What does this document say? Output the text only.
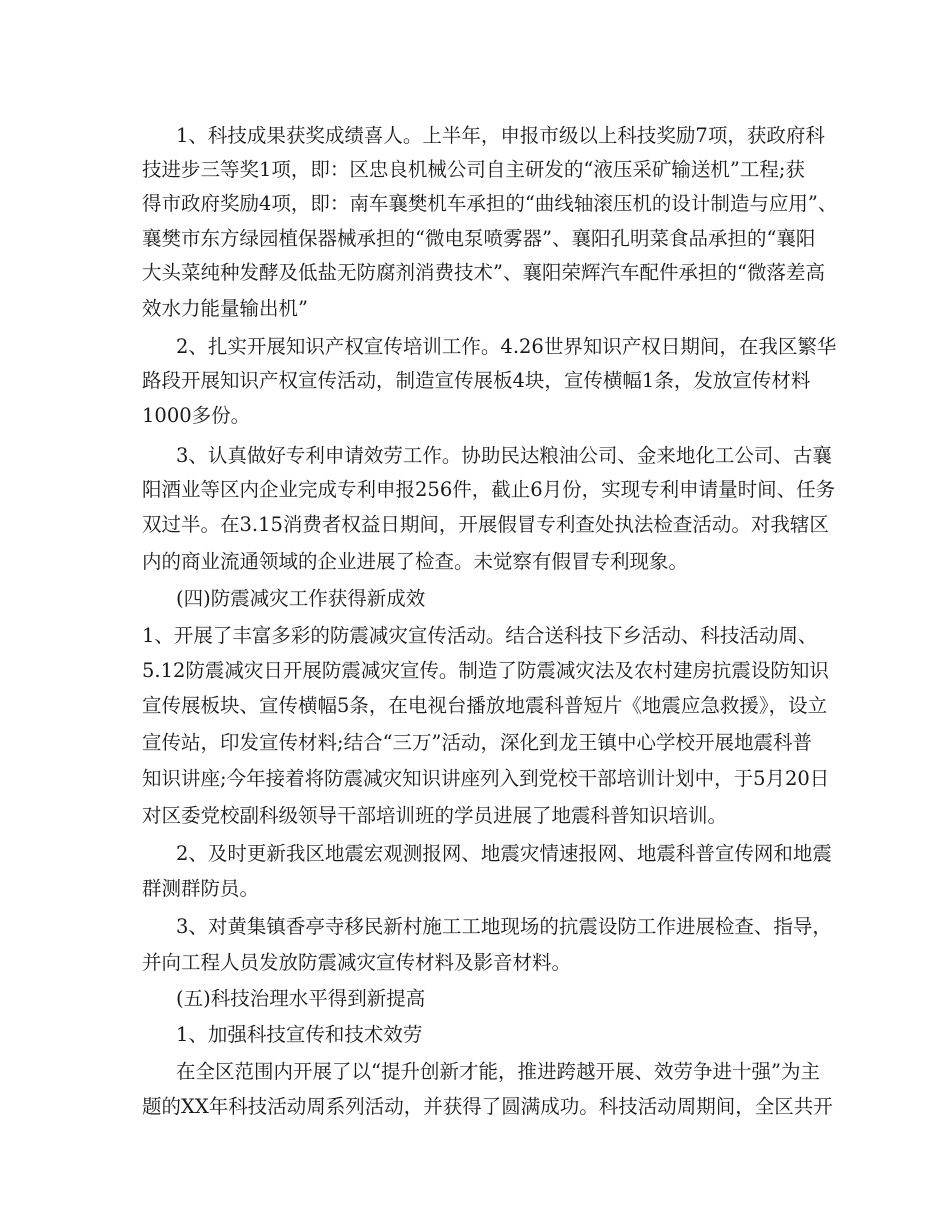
1、科技成果获奖成绩喜人。上半年，申报市级以上科技奖励7项，获政府科
技进步三等奖1项，即：区忠良机械公司自主研发的“液压采矿输送机”工程;获
得市政府奖励4项，即：南车襄樊机车承担的“曲线轴滚压机的设计制造与应用”、
襄樊市东方绿园植保器械承担的“微电泵喷雾器”、襄阳孔明菜食品承担的“襄阳
大头菜纯种发酵及低盐无防腐剂消费技术”、襄阳荣辉汽车配件承担的“微落差高
效水力能量输出机”
2、扎实开展知识产权宣传培训工作。4.26世界知识产权日期间，在我区繁华
路段开展知识产权宣传活动，制造宣传展板4块，宣传横幅1条，发放宣传材料
1000多份。
3、认真做好专利申请效劳工作。协助民达粮油公司、金来地化工公司、古襄
阳酒业等区内企业完成专利申报256件，截止6月份，实现专利申请量时间、任务
双过半。在3.15消费者权益日期间，开展假冒专利查处执法检查活动。对我辖区
内的商业流通领域的企业进展了检查。未觉察有假冒专利现象。
(四)防震减灾工作获得新成效
1、开展了丰富多彩的防震减灾宣传活动。结合送科技下乡活动、科技活动周、
5.12防震减灾日开展防震减灾宣传。制造了防震减灾法及农村建房抗震设防知识
宣传展板块、宣传横幅5条，在电视台播放地震科普短片《地震应急救援》，设立
宣传站，印发宣传材料;结合“三万”活动，深化到龙王镇中心学校开展地震科普
知识讲座;今年接着将防震减灾知识讲座列入到党校干部培训计划中，于5月20日
对区委党校副科级领导干部培训班的学员进展了地震科普知识培训。
2、及时更新我区地震宏观测报网、地震灾情速报网、地震科普宣传网和地震
群测群防员。
3、对黄集镇香亭寺移民新村施工工地现场的抗震设防工作进展检查、指导，
并向工程人员发放防震减灾宣传材料及影音材料。
(五)科技治理水平得到新提高
1、加强科技宣传和技术效劳
在全区范围内开展了以“提升创新才能，推进跨越开展、效劳争进十强”为主
题的XX年科技活动周系列活动，并获得了圆满成功。科技活动周期间，全区共开
